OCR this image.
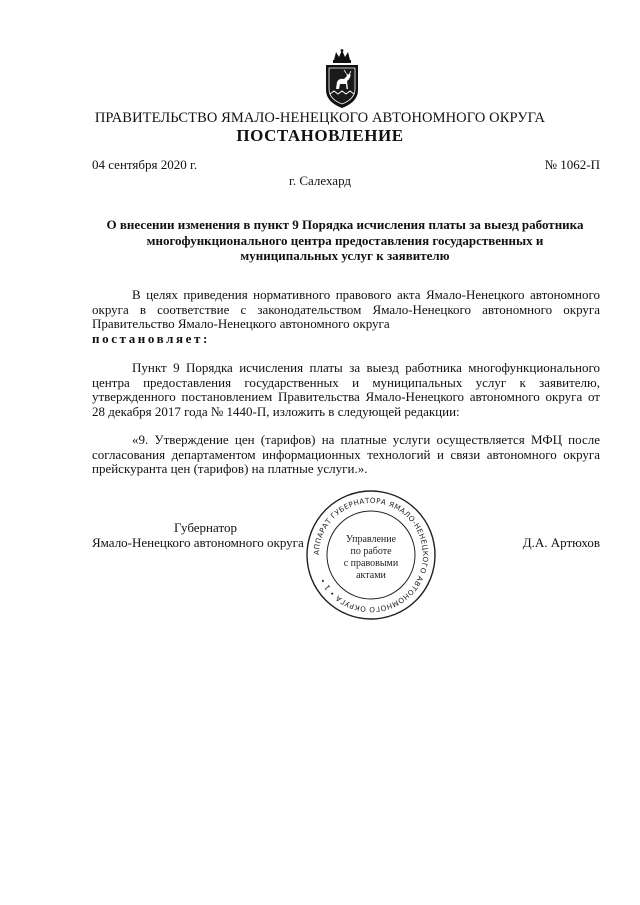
ПРАВИТЕЛЬСТВО ЯМАЛО-НЕНЕЦКОГО АВТОНОМНОГО ОКРУГА
ПОСТАНОВЛЕНИЕ
04 сентября 2020 г.	№ 1062-П
г. Салехард
О внесении изменения в пункт 9 Порядка исчисления платы за выезд работника многофункционального центра предоставления государственных и муниципальных услуг к заявителю
В целях приведения нормативного правового акта Ямало-Ненецкого автономного округа в соответствие с законодательством Ямало-Ненецкого автономного округа Правительство Ямало-Ненецкого автономного округа
постановляет:
Пункт 9 Порядка исчисления платы за выезд работника многофункционального центра предоставления государственных и муниципальных услуг к заявителю, утвержденного постановлением Правительства Ямало-Ненецкого автономного округа от 28 декабря 2017 года № 1440-П, изложить в следующей редакции:
«9. Утверждение цен (тарифов) на платные услуги осуществляется МФЦ после согласования департаментом информационных технологий и связи автономного округа прейскуранта цен (тарифов) на платные услуги.».
Губернатор
Ямало-Ненецкого автономного округа	Д.А. Артюхов
АППАРАТ ГУБЕРНАТОРА ЯМАЛО-НЕНЕЦКОГО АВТОНОМНОГО ОКРУГА • 1 •
Управление
по работе
с правовыми
актами
